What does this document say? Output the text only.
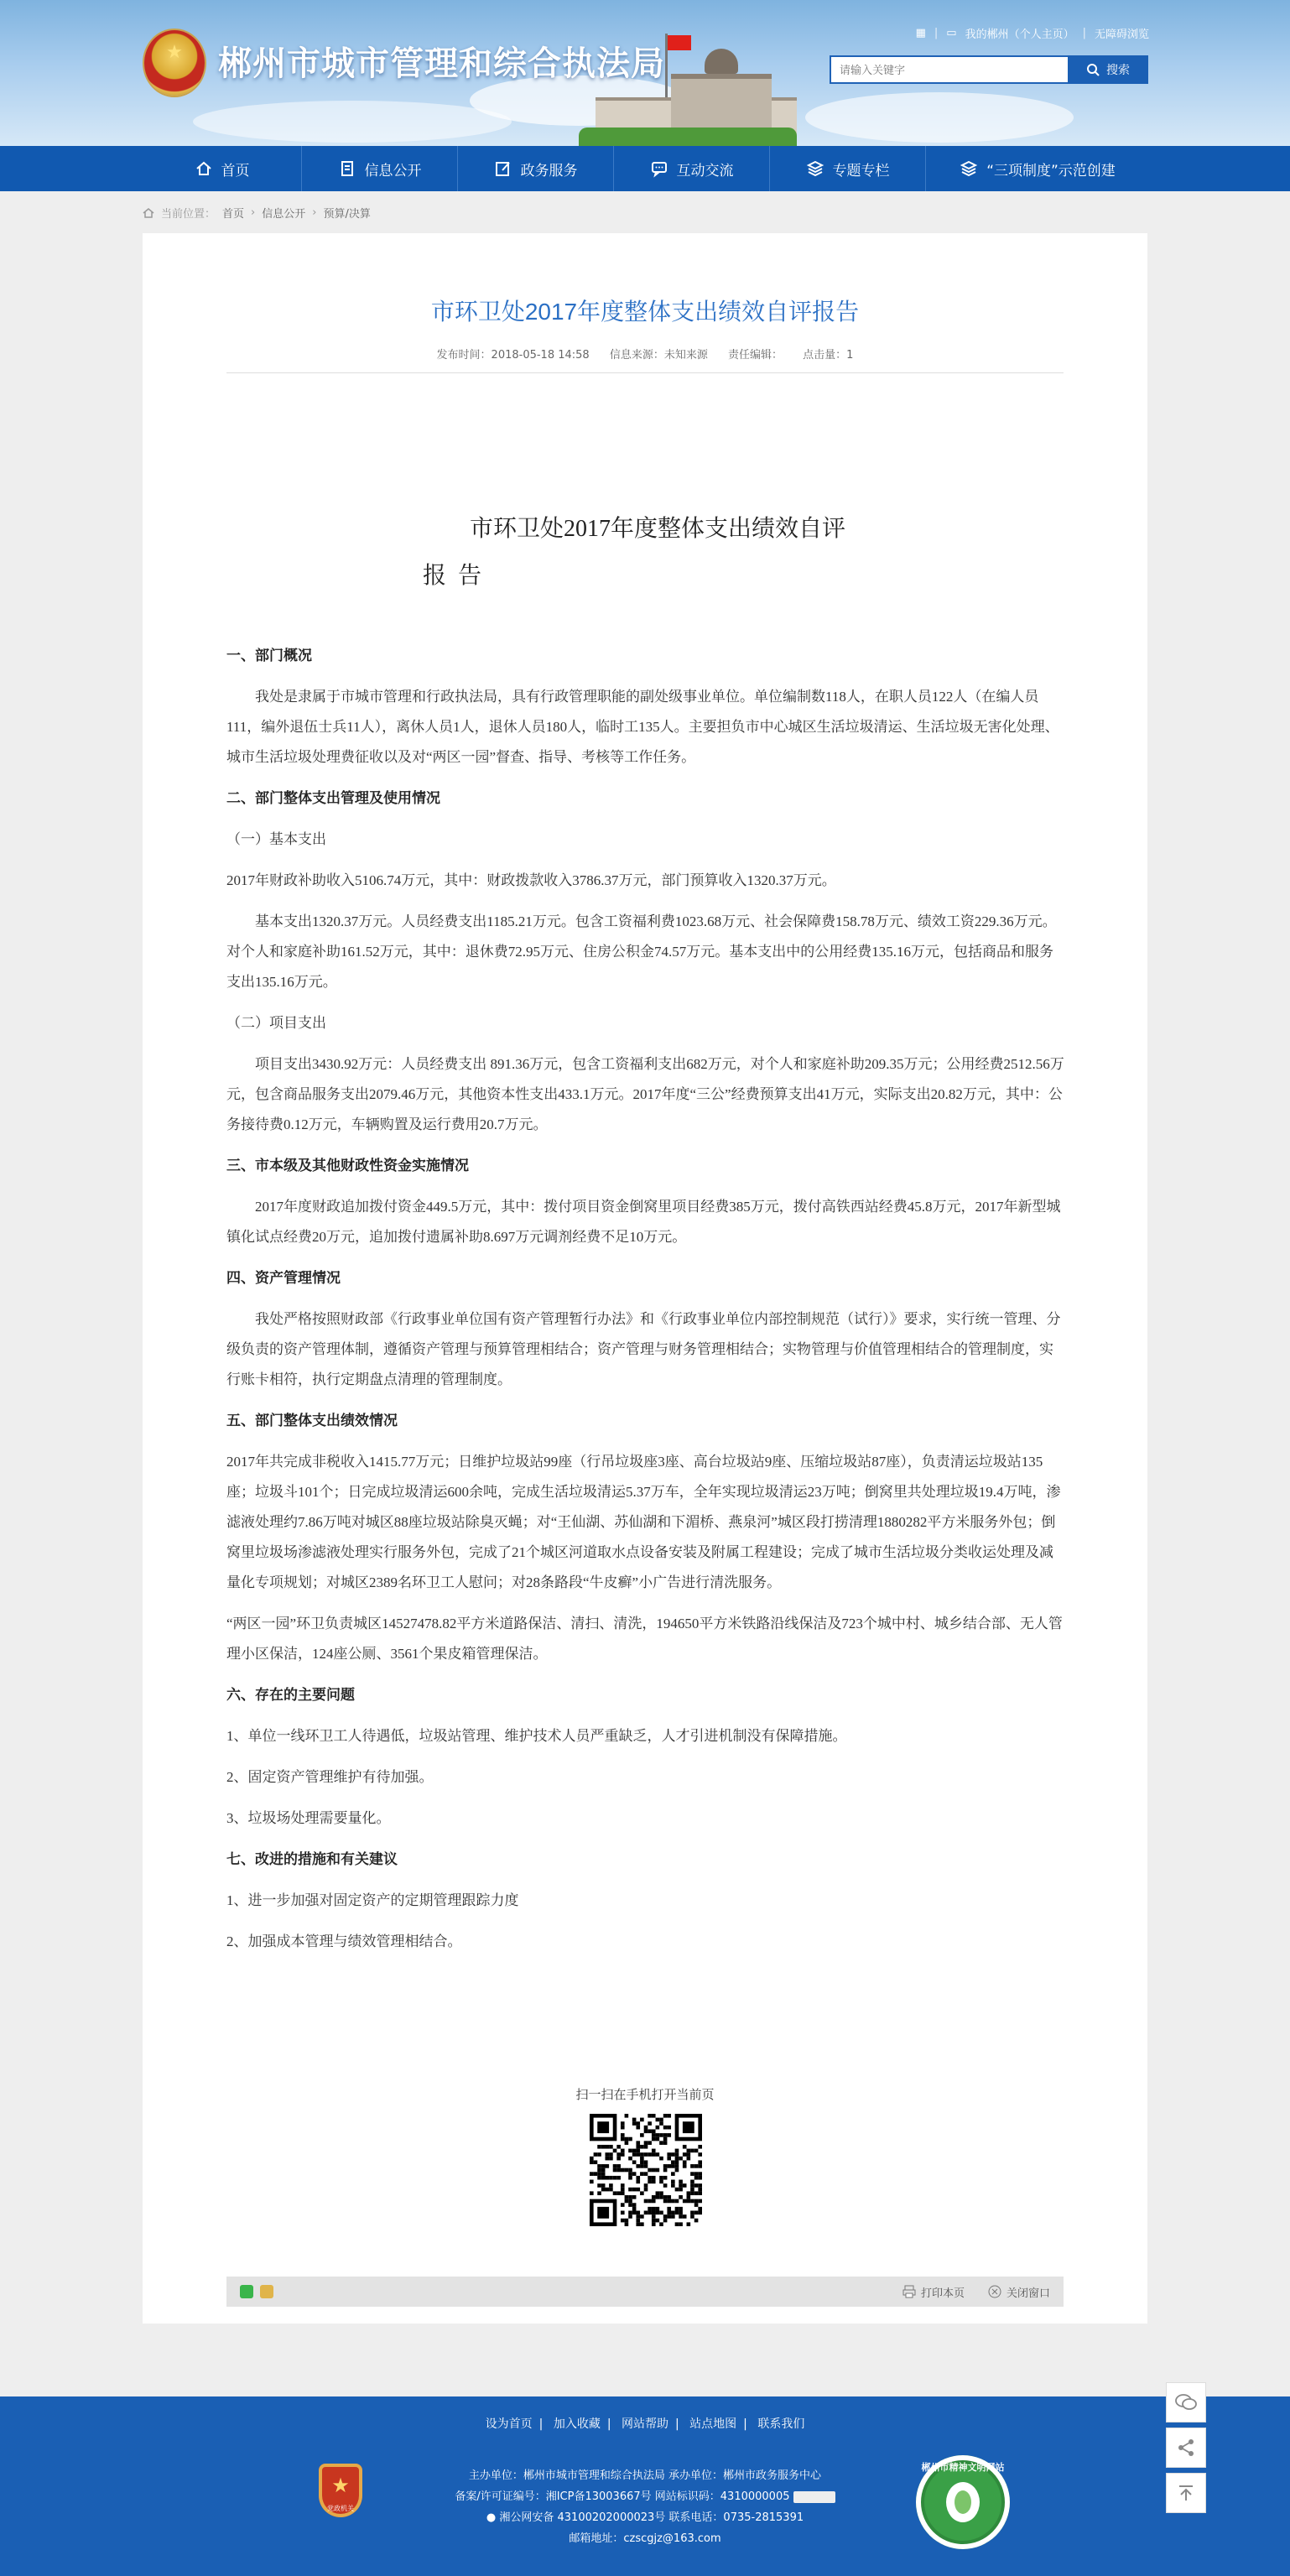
★	郴州市城市管理和综合执法局
▦ | ▭ 我的郴州（个人主页） | 无障碍浏览
请输入关键字
搜索
首页	信息公开	政务服务	互动交流	专题专栏	“三项制度”示范创建
当前位置： 首页 › 信息公开 › 预算/决算
市环卫处2017年度整体支出绩效自评报告
发布时间：2018-05-18 14:58 信息来源：未知来源 责任编辑： 点击量：1
市环卫处2017年度整体支出绩效自评
报告

一、部门概况

我处是隶属于市城市管理和行政执法局，具有行政管理职能的副处级事业单位。单位编制数118人，在职人员122人（在编人员111，编外退伍士兵11人），离休人员1人，退休人员180人，临时工135人。主要担负市中心城区生活垃圾清运、生活垃圾无害化处理、城市生活垃圾处理费征收以及对“两区一园”督查、指导、考核等工作任务。

二、部门整体支出管理及使用情况

（一）基本支出

2017年财政补助收入5106.74万元，其中：财政拨款收入3786.37万元，部门预算收入1320.37万元。

基本支出1320.37万元。人员经费支出1185.21万元。包含工资福利费1023.68万元、社会保障费158.78万元、绩效工资229.36万元。对个人和家庭补助161.52万元，其中：退休费72.95万元、住房公积金74.57万元。基本支出中的公用经费135.16万元，包括商品和服务支出135.16万元。

（二）项目支出

项目支出3430.92万元：人员经费支出 891.36万元，包含工资福利支出682万元，对个人和家庭补助209.35万元；公用经费2512.56万元，包含商品服务支出2079.46万元，其他资本性支出433.1万元。2017年度“三公”经费预算支出41万元，实际支出20.82万元，其中：公务接待费0.12万元，车辆购置及运行费用20.7万元。

三、市本级及其他财政性资金实施情况

2017年度财政追加拨付资金449.5万元，其中：拨付项目资金倒窝里项目经费385万元，拨付高铁西站经费45.8万元，2017年新型城镇化试点经费20万元，追加拨付遗属补助8.697万元调剂经费不足10万元。

四、资产管理情况

我处严格按照财政部《行政事业单位国有资产管理暂行办法》和《行政事业单位内部控制规范（试行）》要求，实行统一管理、分级负责的资产管理体制，遵循资产管理与预算管理相结合；资产管理与财务管理相结合；实物管理与价值管理相结合的管理制度，实行账卡相符，执行定期盘点清理的管理制度。

五、部门整体支出绩效情况

2017年共完成非税收入1415.77万元；日维护垃圾站99座（行吊垃圾座3座、高台垃圾站9座、压缩垃圾站87座），负责清运垃圾站135座；垃圾斗101个；日完成垃圾清运600余吨，完成生活垃圾清运5.37万车，全年实现垃圾清运23万吨；倒窝里共处理垃圾19.4万吨，渗滤液处理约7.86万吨对城区88座垃圾站除臭灭蝇；对“王仙湖、苏仙湖和下湄桥、燕泉河”城区段打捞清理1880282平方米服务外包；倒窝里垃圾场渗滤液处理实行服务外包，完成了21个城区河道取水点设备安装及附属工程建设；完成了城市生活垃圾分类收运处理及减量化专项规划；对城区2389名环卫工人慰问；对28条路段“牛皮癣”小广告进行清洗服务。

“两区一园”环卫负责城区14527478.82平方米道路保洁、清扫、清洗，194650平方米铁路沿线保洁及723个城中村、城乡结合部、无人管理小区保洁，124座公厕、3561个果皮箱管理保洁。

六、存在的主要问题

1、单位一线环卫工人待遇低，垃圾站管理、维护技术人员严重缺乏，人才引进机制没有保障措施。

2、固定资产管理维护有待加强。

3、垃圾场处理需要量化。

七、改进的措施和有关建议

1、进一步加强对固定资产的定期管理跟踪力度

2、加强成本管理与绩效管理相结合。

扫一扫在手机打开当前页
打印本页	关闭窗口
设为首页 | 加入收藏 | 网站帮助 | 站点地图 | 联系我们
★
党政机关
主办单位：郴州市城市管理和综合执法局 承办单位：郴州市政务服务中心
备案/许可证编号：湘ICP备13003667号 网站标识码：4310000005
● 湘公网安备 43100202000023号 联系电话：0735-2815391
邮箱地址：czscgjz@163.com
郴州市精神文明网站
